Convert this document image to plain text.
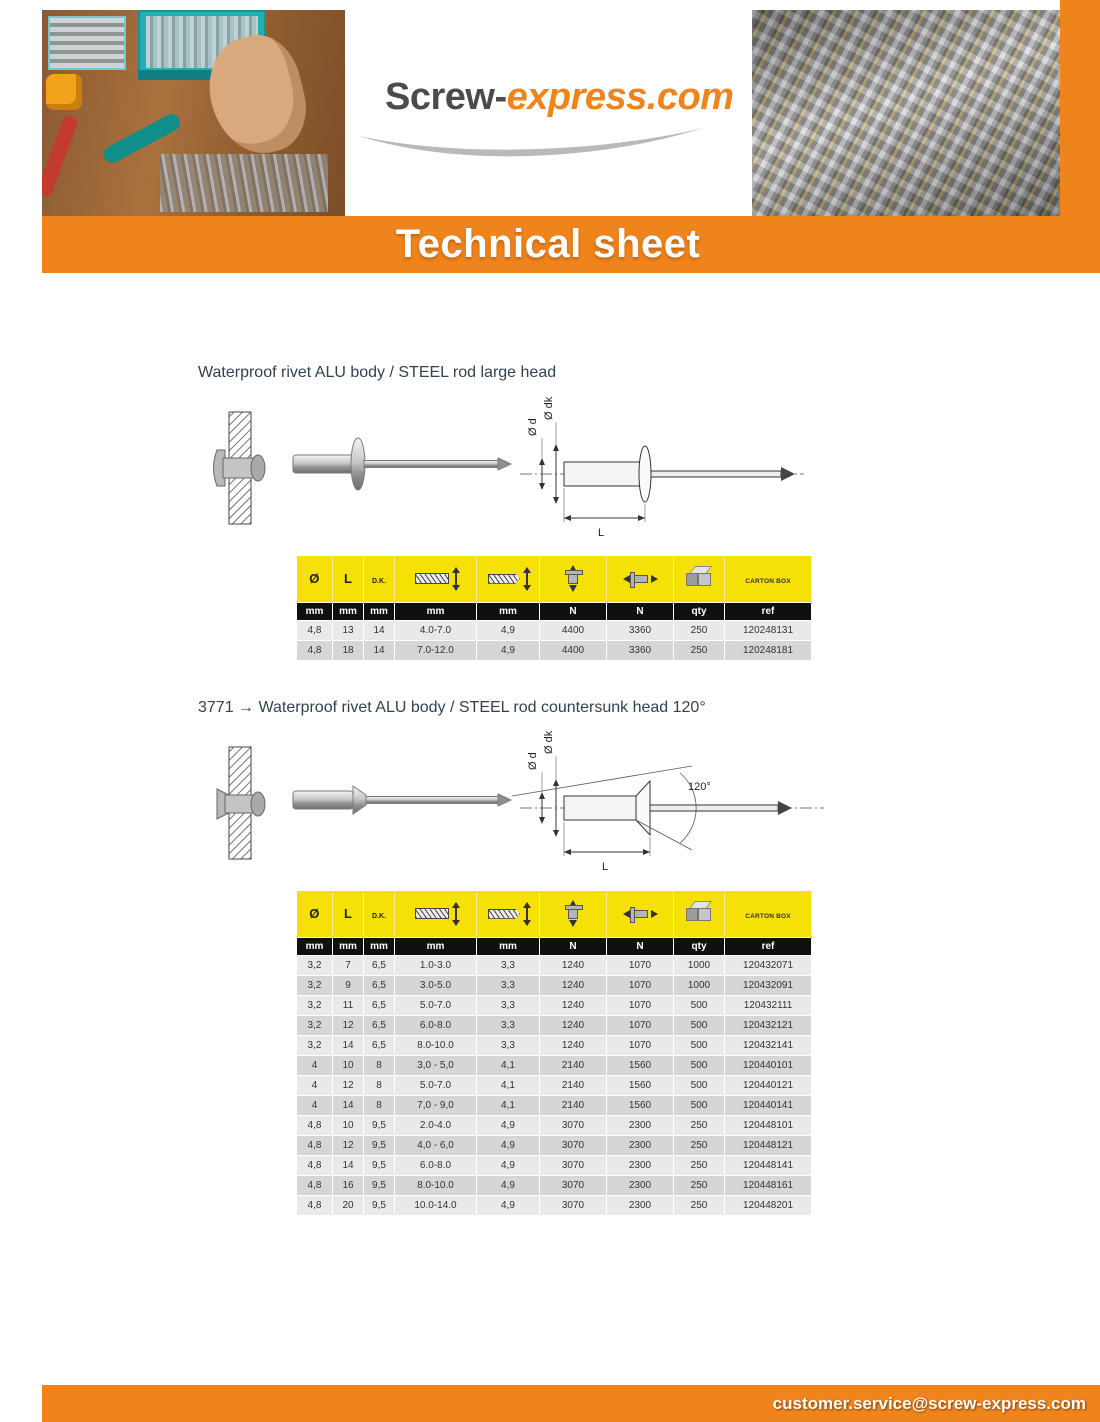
Screw-express.com
Technical sheet
Waterproof rivet ALU body / STEEL rod large head
Ø d
Ø dk
L
Ø	L	D.K.						CARTON BOX
mm	mm	mm	mm	mm	N	N	qty	ref
4,8	13	14	4.0-7.0	4,9	4400	3360	250	120248131
4,8	18	14	7.0-12.0	4,9	4400	3360	250	120248181
3771 → Waterproof rivet ALU body / STEEL rod countersunk head 120°
120°
Ø d
Ø dk
L
Ø	L	D.K.						CARTON BOX
mm	mm	mm	mm	mm	N	N	qty	ref
3,2	7	6,5	1.0-3.0	3,3	1240	1070	1000	120432071
3,2	9	6,5	3.0-5.0	3,3	1240	1070	1000	120432091
3,2	11	6,5	5.0-7.0	3,3	1240	1070	500	120432111
3,2	12	6,5	6.0-8.0	3,3	1240	1070	500	120432121
3,2	14	6,5	8.0-10.0	3,3	1240	1070	500	120432141
4	10	8	3,0 - 5,0	4,1	2140	1560	500	120440101
4	12	8	5.0-7.0	4,1	2140	1560	500	120440121
4	14	8	7,0 - 9,0	4,1	2140	1560	500	120440141
4,8	10	9,5	2.0-4.0	4,9	3070	2300	250	120448101
4,8	12	9,5	4,0 - 6,0	4,9	3070	2300	250	120448121
4,8	14	9,5	6.0-8.0	4,9	3070	2300	250	120448141
4,8	16	9,5	8.0-10.0	4,9	3070	2300	250	120448161
4,8	20	9,5	10.0-14.0	4,9	3070	2300	250	120448201
customer.service@screw-express.com
